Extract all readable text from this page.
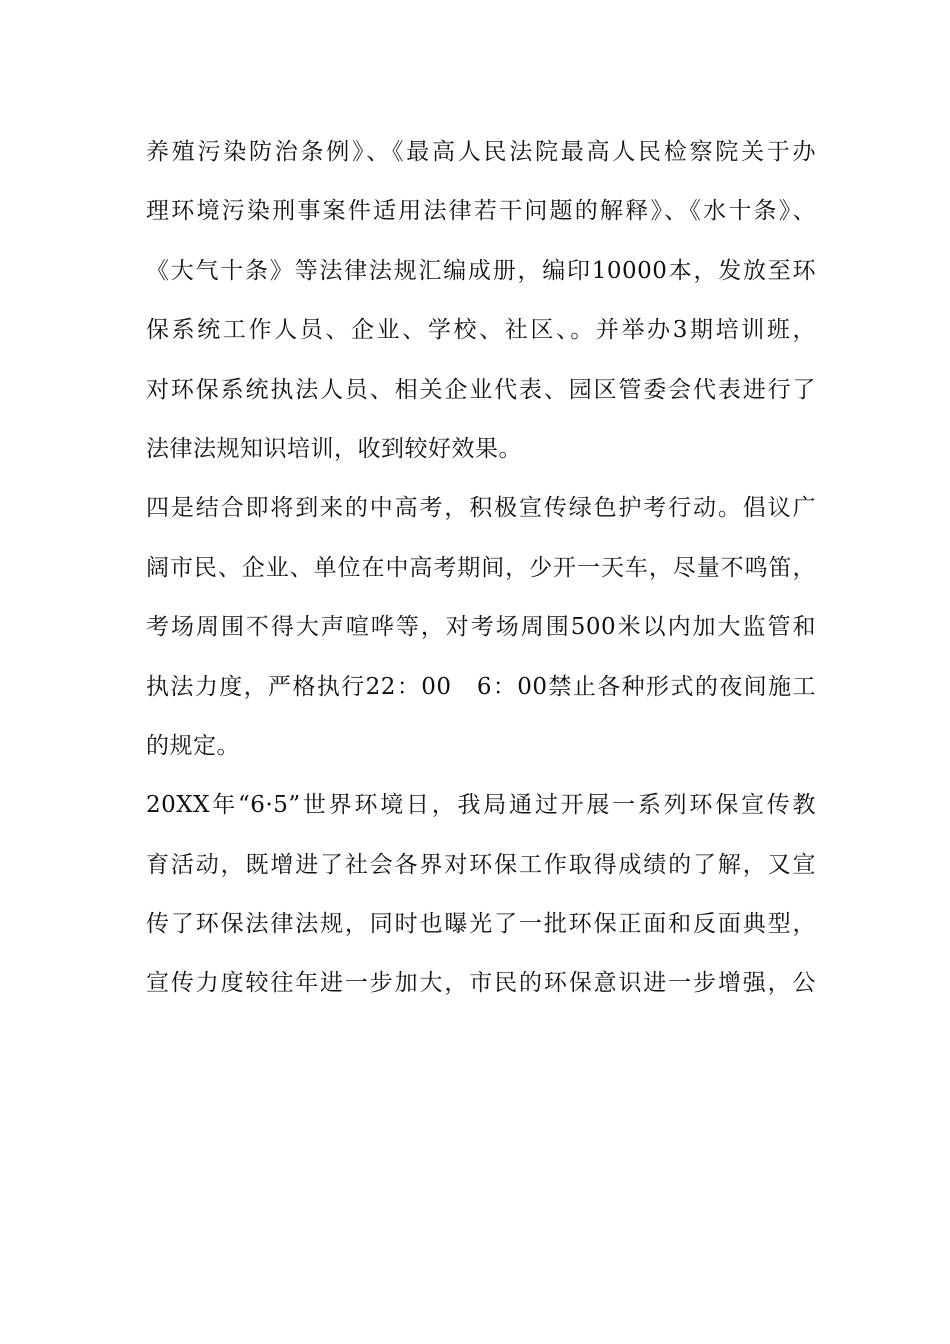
养殖污染防治条例》、《最高人民法院最高人民检察院关于办
理环境污染刑事案件适用法律若干问题的解释》、《水十条》、
《大气十条》等法律法规汇编成册，编印10000本，发放至环
保系统工作人员、企业、学校、社区、。并举办3期培训班，
对环保系统执法人员、相关企业代表、园区管委会代表进行了
法律法规知识培训，收到较好效果。
四是结合即将到来的中高考，积极宣传绿色护考行动。倡议广
阔市民、企业、单位在中高考期间，少开一天车，尽量不鸣笛，
考场周围不得大声喧哗等，对考场周围500米以内加大监管和
执法力度，严格执行22：00　6：00禁止各种形式的夜间施工
的规定。
20XX年“6·5”世界环境日，我局通过开展一系列环保宣传教
育活动，既增进了社会各界对环保工作取得成绩的了解，又宣
传了环保法律法规，同时也曝光了一批环保正面和反面典型，
宣传力度较往年进一步加大，市民的环保意识进一步增强，公
